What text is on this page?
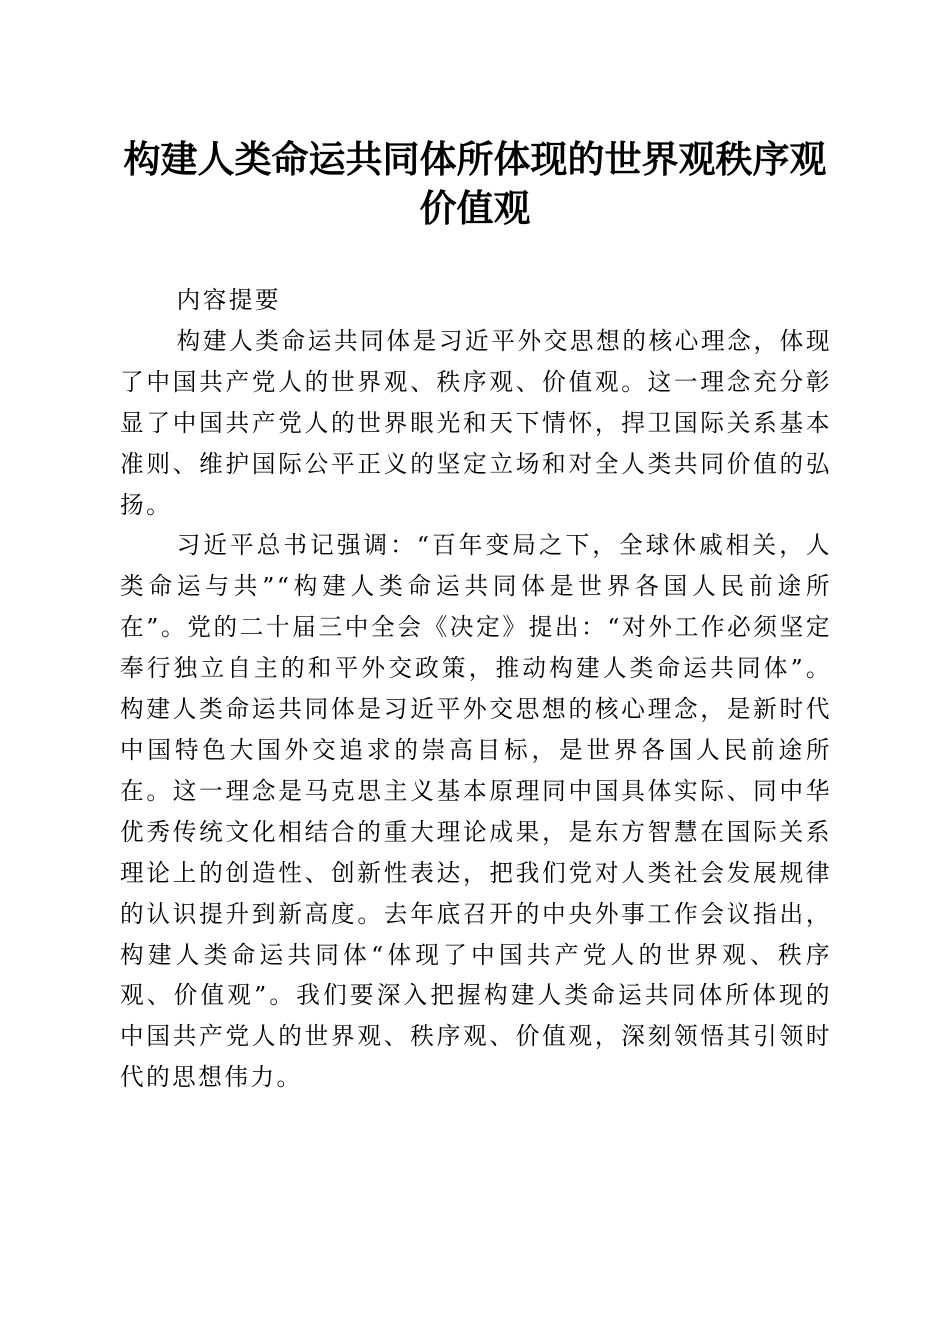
构建人类命运共同体所体现的世界观秩序观价值观

内容提要

构建人类命运共同体是习近平外交思想的核心理念，体现了中国共产党人的世界观、秩序观、价值观。这一理念充分彰显了中国共产党人的世界眼光和天下情怀，捍卫国际关系基本准则、维护国际公平正义的坚定立场和对全人类共同价值的弘扬。

习近平总书记强调：“百年变局之下，全球休戚相关，人类命运与共”“构建人类命运共同体是世界各国人民前途所在”。党的二十届三中全会《决定》提出：“对外工作必须坚定奉行独立自主的和平外交政策，推动构建人类命运共同体”。构建人类命运共同体是习近平外交思想的核心理念，是新时代中国特色大国外交追求的崇高目标，是世界各国人民前途所在。这一理念是马克思主义基本原理同中国具体实际、同中华优秀传统文化相结合的重大理论成果，是东方智慧在国际关系理论上的创造性、创新性表达，把我们党对人类社会发展规律的认识提升到新高度。去年底召开的中央外事工作会议指出，构建人类命运共同体“体现了中国共产党人的世界观、秩序观、价值观”。我们要深入把握构建人类命运共同体所体现的中国共产党人的世界观、秩序观、价值观，深刻领悟其引领时代的思想伟力。
